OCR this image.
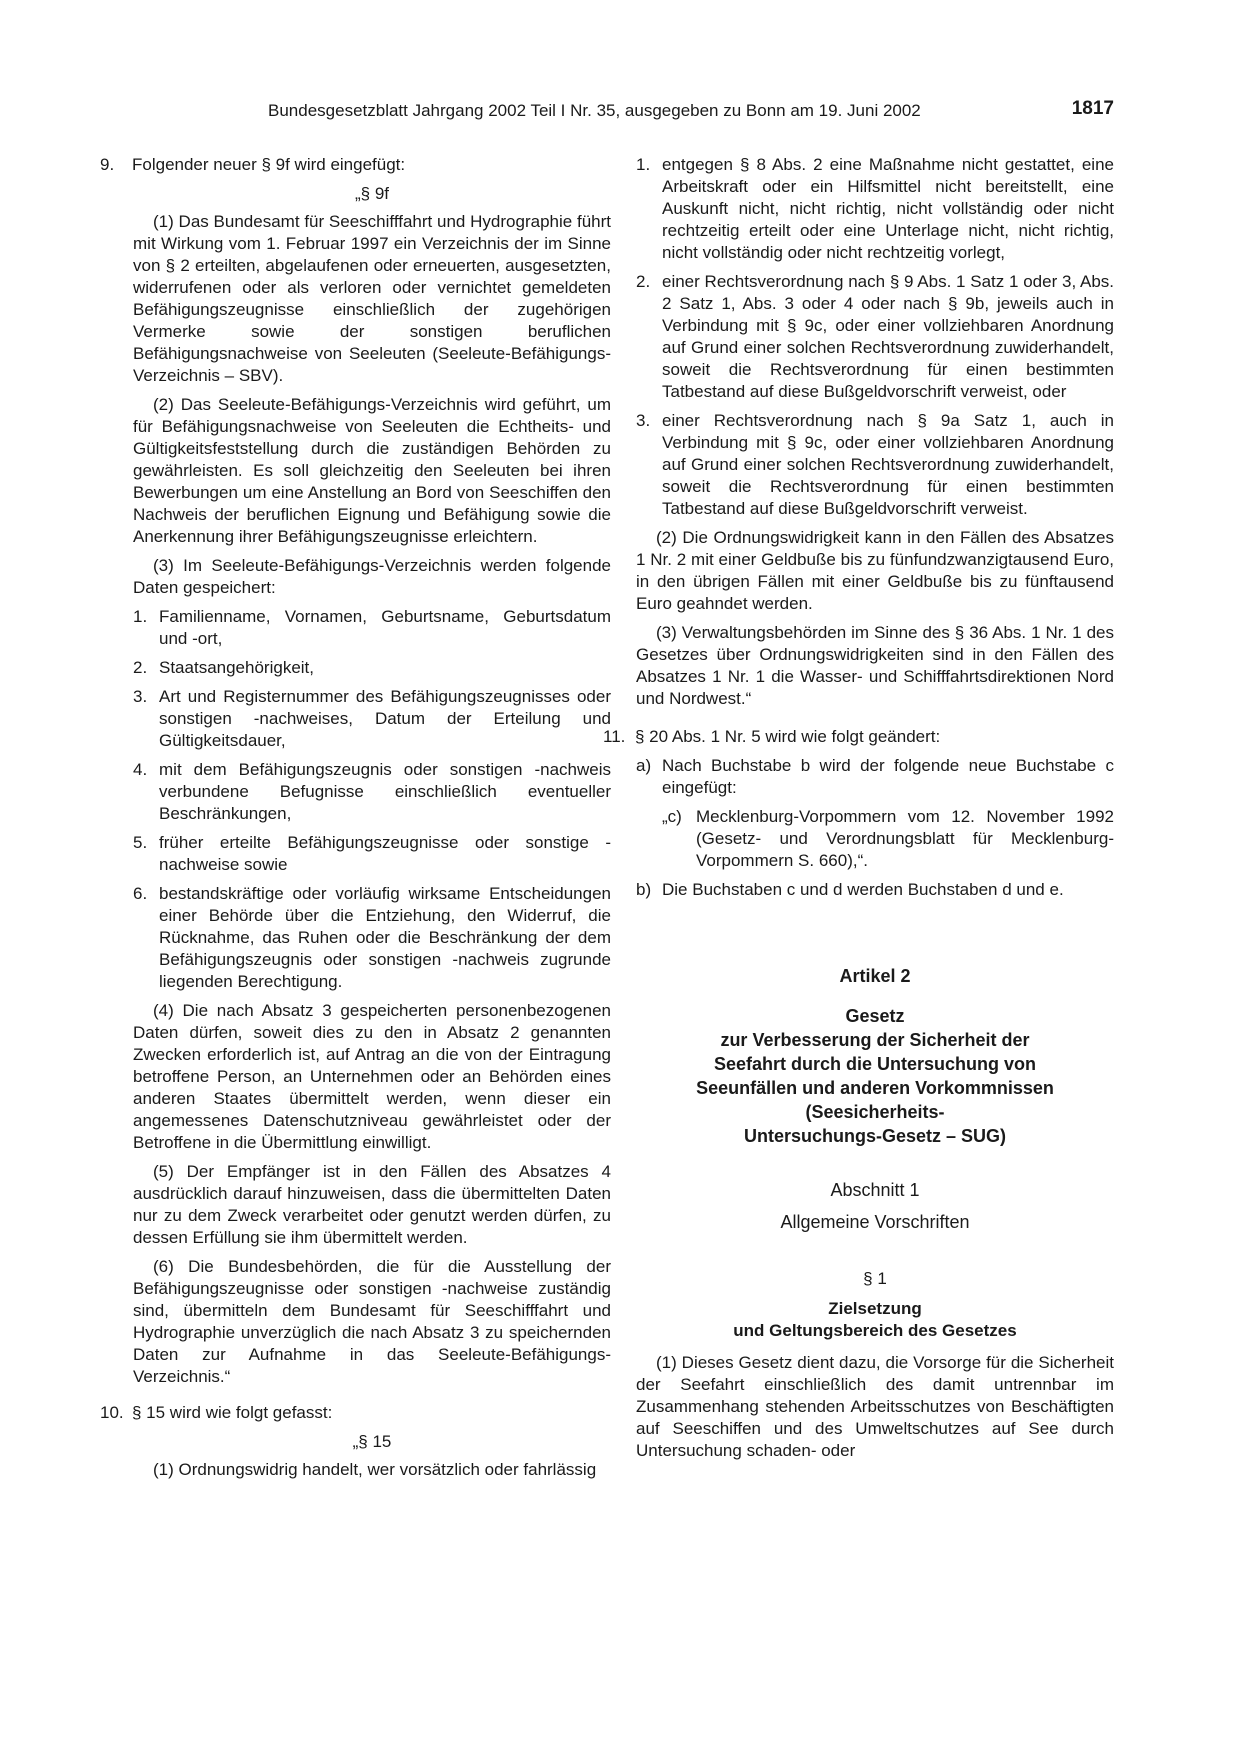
Bundesgesetzblatt Jahrgang 2002 Teil I Nr. 35, ausgegeben zu Bonn am 19. Juni 2002	1817
9.	Folgender neuer § 9f wird eingefügt:
„§ 9f

(1) Das Bundesamt für Seeschifffahrt und Hydrographie führt mit Wirkung vom 1. Februar 1997 ein Verzeichnis der im Sinne von § 2 erteilten, abgelaufenen oder erneuerten, ausgesetzten, widerrufenen oder als verloren oder vernichtet gemeldeten Befähigungszeugnisse einschließlich der zugehörigen Vermerke sowie der sonstigen beruflichen Befähigungsnachweise von Seeleuten (Seeleute-Befähigungs-Verzeichnis – SBV).

(2) Das Seeleute-Befähigungs-Verzeichnis wird geführt, um für Befähigungsnachweise von Seeleuten die Echtheits- und Gültigkeitsfeststellung durch die zuständigen Behörden zu gewährleisten. Es soll gleichzeitig den Seeleuten bei ihren Bewerbungen um eine Anstellung an Bord von Seeschiffen den Nachweis der beruflichen Eignung und Befähigung sowie die Anerkennung ihrer Befähigungszeugnisse erleichtern.

(3) Im Seeleute-Befähigungs-Verzeichnis werden folgende Daten gespeichert:

1. Familienname, Vornamen, Geburtsname, Geburtsdatum und -ort,
2. Staatsangehörigkeit,
3. Art und Registernummer des Befähigungszeugnisses oder sonstigen -nachweises, Datum der Erteilung und Gültigkeitsdauer,
4. mit dem Befähigungszeugnis oder sonstigen -nachweis verbundene Befugnisse einschließlich eventueller Beschränkungen,
5. früher erteilte Befähigungszeugnisse oder sonstige -nachweise sowie
6. bestandskräftige oder vorläufig wirksame Entscheidungen einer Behörde über die Entziehung, den Widerruf, die Rücknahme, das Ruhen oder die Beschränkung der dem Befähigungszeugnis oder sonstigen -nachweis zugrunde liegenden Berechtigung.

(4) Die nach Absatz 3 gespeicherten personenbezogenen Daten dürfen, soweit dies zu den in Absatz 2 genannten Zwecken erforderlich ist, auf Antrag an die von der Eintragung betroffene Person, an Unternehmen oder an Behörden eines anderen Staates übermittelt werden, wenn dieser ein angemessenes Datenschutzniveau gewährleistet oder der Betroffene in die Übermittlung einwilligt.

(5) Der Empfänger ist in den Fällen des Absatzes 4 ausdrücklich darauf hinzuweisen, dass die übermittelten Daten nur zu dem Zweck verarbeitet oder genutzt werden dürfen, zu dessen Erfüllung sie ihm übermittelt werden.

(6) Die Bundesbehörden, die für die Ausstellung der Befähigungszeugnisse oder sonstigen -nachweise zuständig sind, übermitteln dem Bundesamt für Seeschifffahrt und Hydrographie unverzüglich die nach Absatz 3 zu speichernden Daten zur Aufnahme in das Seeleute-Befähigungs-Verzeichnis.“

10. § 15 wird wie folgt gefasst:
„§ 15

(1) Ordnungswidrig handelt, wer vorsätzlich oder fahrlässig

1. entgegen § 8 Abs. 2 eine Maßnahme nicht gestattet, eine Arbeitskraft oder ein Hilfsmittel nicht bereitstellt, eine Auskunft nicht, nicht richtig, nicht vollständig oder nicht rechtzeitig erteilt oder eine Unterlage nicht, nicht richtig, nicht vollständig oder nicht rechtzeitig vorlegt,
2. einer Rechtsverordnung nach § 9 Abs. 1 Satz 1 oder 3, Abs. 2 Satz 1, Abs. 3 oder 4 oder nach § 9b, jeweils auch in Verbindung mit § 9c, oder einer vollziehbaren Anordnung auf Grund einer solchen Rechtsverordnung zuwiderhandelt, soweit die Rechtsverordnung für einen bestimmten Tatbestand auf diese Bußgeldvorschrift verweist, oder
3. einer Rechtsverordnung nach § 9a Satz 1, auch in Verbindung mit § 9c, oder einer vollziehbaren Anordnung auf Grund einer solchen Rechtsverordnung zuwiderhandelt, soweit die Rechtsverordnung für einen bestimmten Tatbestand auf diese Bußgeldvorschrift verweist.

(2) Die Ordnungswidrigkeit kann in den Fällen des Absatzes 1 Nr. 2 mit einer Geldbuße bis zu fünfundzwanzigtausend Euro, in den übrigen Fällen mit einer Geldbuße bis zu fünftausend Euro geahndet werden.

(3) Verwaltungsbehörden im Sinne des § 36 Abs. 1 Nr. 1 des Gesetzes über Ordnungswidrigkeiten sind in den Fällen des Absatzes 1 Nr. 1 die Wasser- und Schifffahrtsdirektionen Nord und Nordwest.“

11. § 20 Abs. 1 Nr. 5 wird wie folgt geändert:
a) Nach Buchstabe b wird der folgende neue Buchstabe c eingefügt:
„c) Mecklenburg-Vorpommern vom 12. November 1992 (Gesetz- und Verordnungsblatt für Mecklenburg-Vorpommern S. 660),“.
b) Die Buchstaben c und d werden Buchstaben d und e.
Artikel 2
Gesetz
zur Verbesserung der Sicherheit der
Seefahrt durch die Untersuchung von
Seeunfällen und anderen Vorkommnissen
(Seesicherheits-
Untersuchungs-Gesetz – SUG)
Abschnitt 1
Allgemeine Vorschriften
§ 1
Zielsetzung
und Geltungsbereich des Gesetzes

(1) Dieses Gesetz dient dazu, die Vorsorge für die Sicherheit der Seefahrt einschließlich des damit untrennbar im Zusammenhang stehenden Arbeitsschutzes von Beschäftigten auf Seeschiffen und des Umweltschutzes auf See durch Untersuchung schaden- oder
